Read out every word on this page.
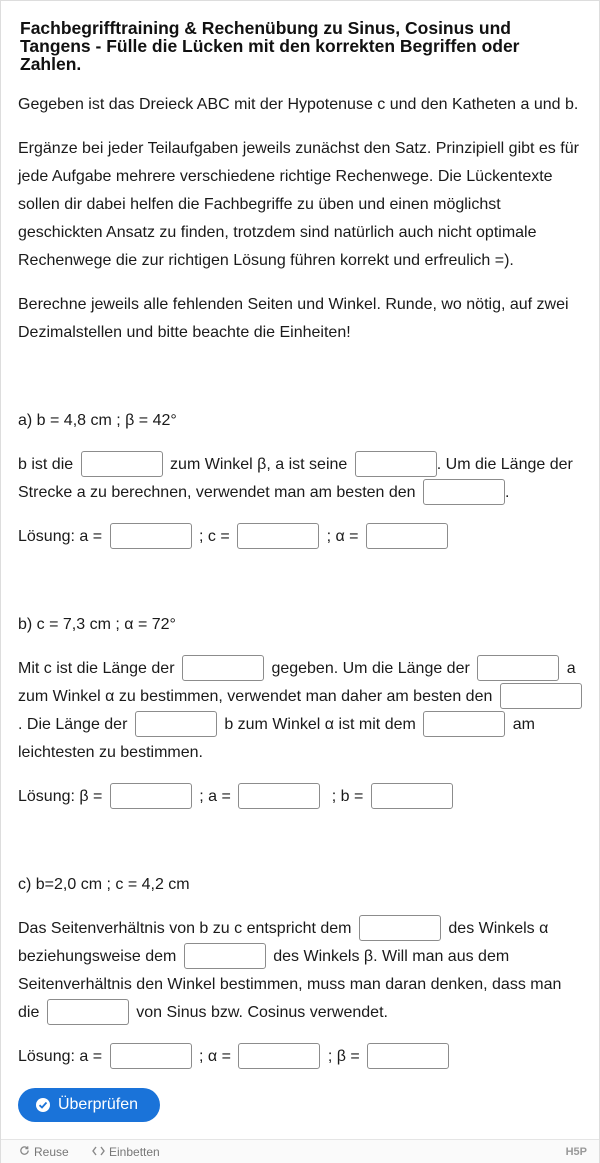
Fachbegrifftraining & Rechenübung zu Sinus, Cosinus und Tangens - Fülle die Lücken mit den korrekten Begriffen oder Zahlen.
Gegeben ist das Dreieck ABC mit der Hypotenuse c und den Katheten a und b.
Ergänze bei jeder Teilaufgaben jeweils zunächst den Satz. Prinzipiell gibt es für jede Aufgabe mehrere verschiedene richtige Rechenwege. Die Lückentexte sollen dir dabei helfen die Fachbegriffe zu üben und einen möglichst geschickten Ansatz zu finden, trotzdem sind natürlich auch nicht optimale Rechenwege die zur richtigen Lösung führen korrekt und erfreulich =).
Berechne jeweils alle fehlenden Seiten und Winkel. Runde, wo nötig, auf zwei Dezimalstellen und bitte beachte die Einheiten!
a) b = 4,8 cm ; β = 42°
b ist die	zum Winkel β, a ist seine	. Um die Länge der Strecke a zu berechnen, verwendet man am besten den	.
Lösung: a =	; c =	; α =
b) c = 7,3 cm ; α = 72°
Mit c ist die Länge der	gegeben. Um die Länge der	a zum Winkel α zu bestimmen, verwendet man daher am besten den . Die Länge der	b zum Winkel α ist mit dem	am leichtesten zu bestimmen.
Lösung: β =	; a =	; b =
c) b=2,0 cm ; c = 4,2 cm
Das Seitenverhältnis von b zu c entspricht dem	des Winkels α beziehungsweise dem	des Winkels β. Will man aus dem Seitenverhältnis den Winkel bestimmen, muss man daran denken, dass man die	von Sinus bzw. Cosinus verwendet.
Lösung: a =	; α =	; β =
Überprüfen
Reuse	Einbetten	H5P
